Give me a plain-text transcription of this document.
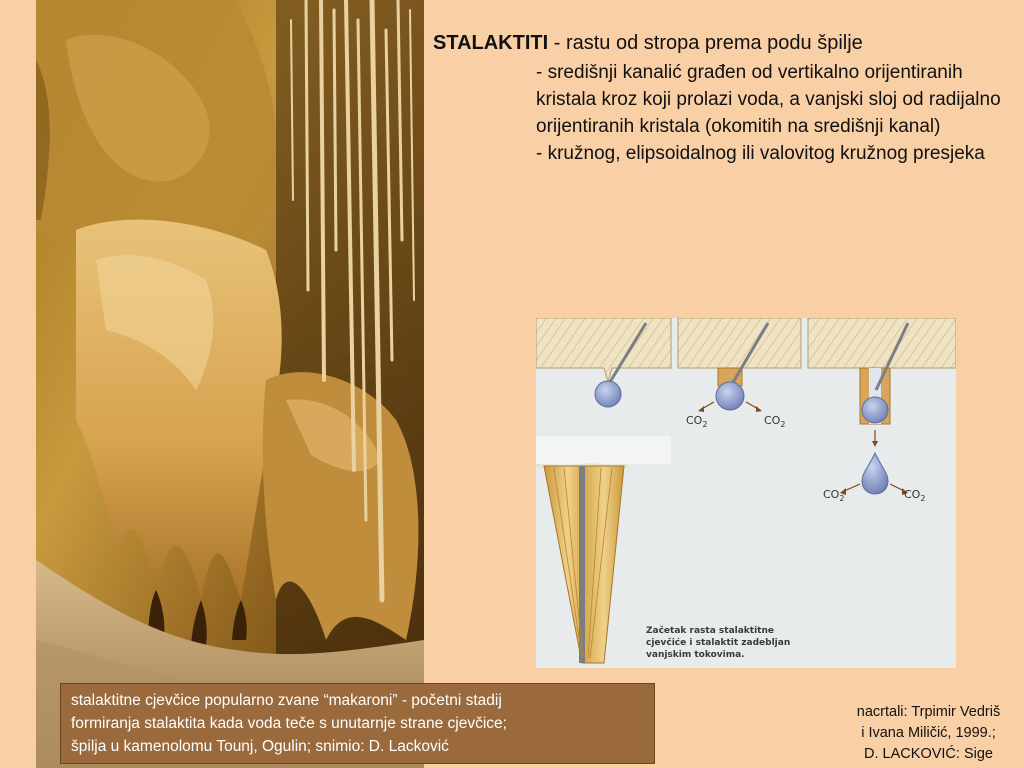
STALAKTITI - rastu od stropa prema podu špilje

- središnji kanalić građen od vertikalno orijentiranih kristala kroz koji prolazi voda, a vanjski sloj od radijalno orijentiranih kristala (okomitih na središnji kanal)

- kružnog, elipsoidalnog ili valovitog kružnog presjeka

$CO_2$	$CO_2$
$CO_2$	$CO_2$
Začetak rasta stalaktitne
cjevčiće i stalaktit zadebljan
vanjskim tokovima.
stalaktitne cjevčice popularno zvane “makaroni” - početni stadij
formiranja stalaktita kada voda teče s unutarnje strane cjevčice;
špilja u kamenolomu Tounj, Ogulin; snimio: D. Lacković
nacrtali: Trpimir Vedriš
i Ivana Miličić, 1999.;
D. LACKOVIĆ: Sige
